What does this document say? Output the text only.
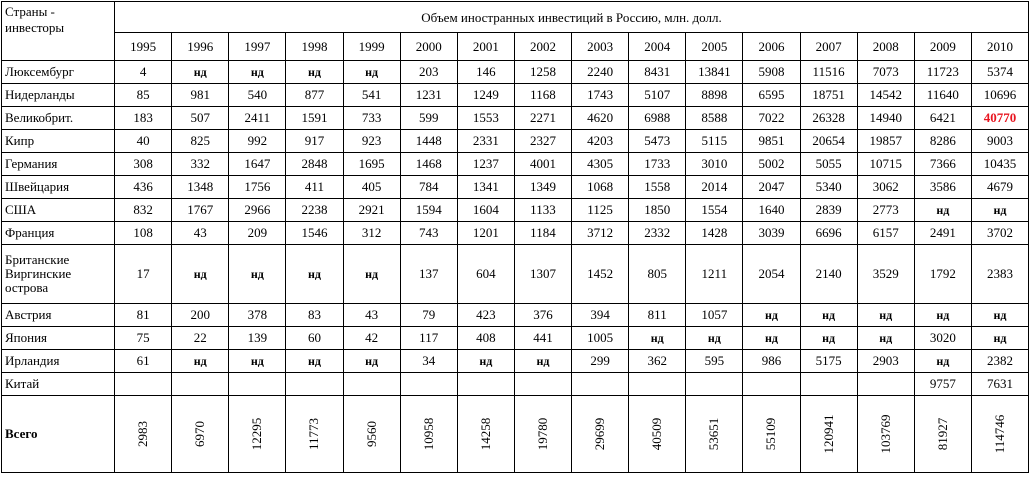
Страны - инвесторы	Объем иностранных инвестиций в Россию, млн. долл.															
	1995	1996	1997	1998	1999	2000	2001	2002	2003	2004	2005	2006	2007	2008	2009	2010
Люксембург	4	нд	нд	нд	нд	203	146	1258	2240	8431	13841	5908	11516	7073	11723	5374
Нидерланды	85	981	540	877	541	1231	1249	1168	1743	5107	8898	6595	18751	14542	11640	10696
Великобрит.	183	507	2411	1591	733	599	1553	2271	4620	6988	8588	7022	26328	14940	6421	40770
Кипр	40	825	992	917	923	1448	2331	2327	4203	5473	5115	9851	20654	19857	8286	9003
Германия	308	332	1647	2848	1695	1468	1237	4001	4305	1733	3010	5002	5055	10715	7366	10435
Швейцария	436	1348	1756	411	405	784	1341	1349	1068	1558	2014	2047	5340	3062	3586	4679
США	832	1767	2966	2238	2921	1594	1604	1133	1125	1850	1554	1640	2839	2773	нд	нд
Франция	108	43	209	1546	312	743	1201	1184	3712	2332	1428	3039	6696	6157	2491	3702
Британские Виргинские острова	17	нд	нд	нд	нд	137	604	1307	1452	805	1211	2054	2140	3529	1792	2383
Австрия	81	200	378	83	43	79	423	376	394	811	1057	нд	нд	нд	нд	нд
Япония	75	22	139	60	42	117	408	441	1005	нд	нд	нд	нд	нд	3020	нд
Ирландия	61	нд	нд	нд	нд	34	нд	нд	299	362	595	986	5175	2903	нд	2382
Китай															9757	7631
Всего	2983	6970	12295	11773	9560	10958	14258	19780	29699	40509	53651	55109	120941	103769	81927	114746
